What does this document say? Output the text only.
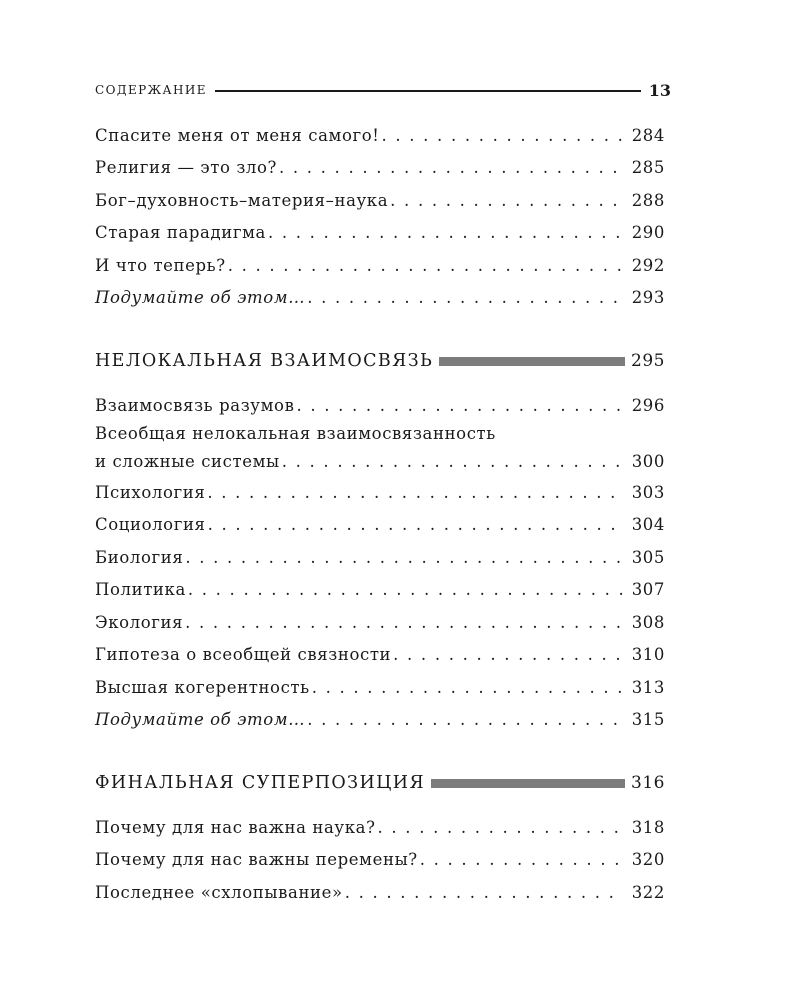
СОДЕРЖАНИЕ	13
Спасите меня от меня самого! . . .	284
Религия — это зло? . . .	285
Бог–духовность–материя–наука . . .	288
Старая парадигма . . .	290
И что теперь? . . .	292
Подумайте об этом… . . .	293
НЕЛОКАЛЬНАЯ ВЗАИМОСВЯЗЬ	295
Взаимосвязь разумов . . .	296
Всеобщая нелокальная взаимосвязанность
и сложные системы . . .	300
Психология . . .	303
Социология . . .	304
Биология . . .	305
Политика . . .	307
Экология . . .	308
Гипотеза о всеобщей связности . . .	310
Высшая когерентность . . .	313
Подумайте об этом… . . .	315
ФИНАЛЬНАЯ СУПЕРПОЗИЦИЯ	316
Почему для нас важна наука? . . .	318
Почему для нас важны перемены? . . .	320
Последнее «схлопывание» . . .	322
